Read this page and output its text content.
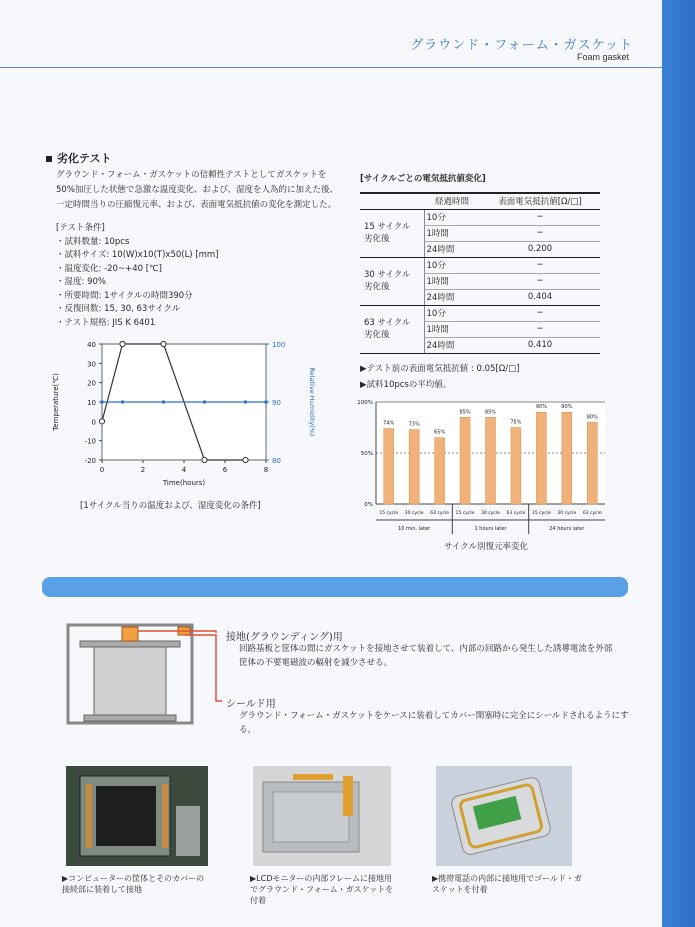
グラウンド・フォーム・ガスケット
Foam gasket
劣化テスト
グラウンド・フォーム・ガスケットの信頼性テストとしてガスケットを
50%加圧した状態で急激な温度変化、および、湿度を人為的に加えた後、
一定時間当りの圧縮復元率、および、表面電気抵抗値の変化を測定した。
[テスト条件]
・試料数量: 10pcs
・試料サイズ: 10(W)x10(T)x50(L) [mm]
・温度変化: -20~+40 [℃]
・湿度: 90%
・所要時間: 1サイクルの時間390分
・反復回数: 15, 30, 63サイクル
・テスト規格: JIS K 6401
-20
-10
0
10
20
30
40
80
90
100
0	2	4	6	8
Time(hours)
Temperature(℃)	Relative Humidity(%)
[1サイクル当りの温度および、湿度変化の条件]
[サイクルごとの電気抵抗値変化]
	経過時間	表面電気抵抗値[Ω/□]

15 サイクル
劣化後	10分	─
	1時間	─
	24時間	0.200

30 サイクル
劣化後	10分	─
	1時間	─
	24時間	0.404

63 サイクル
劣化後	10分	─
	1時間	─
	24時間	0.410
▶テスト前の表面電気抵抗値 : 0.05[Ω/□]
▶試料10pcsの平均値。
0%
50%
100%
74%
15 cycle
73%
30 cycle
65%
63 cycle
85%
15 cycle
85%
30 cycle
75%
63 cycle
90%
15 cycle
90%
30 cycle
80%
63 cycle
10 min. later	1 hours later	24 hours later
サイクル別復元率変化
接地(グラウンディング)用
回路基板と筐体の間にガスケットを接地させて装着して、内部の回路から発生した誘導電流を外部筐体の不要電磁波の輻射を減少させる。
シールド用
グラウンド・フォーム・ガスケットをケースに装着してカバー開塞時に完全にシールドされるようにする。
▶コンピューターの筐体とそのカバーの接続部に装着して接地
▶LCDモニターの内部フレームに接地用でグラウンド・フォーム・ガスケットを付着
▶携帯電話の内部に接地用でゴールド・ガスケットを付着
